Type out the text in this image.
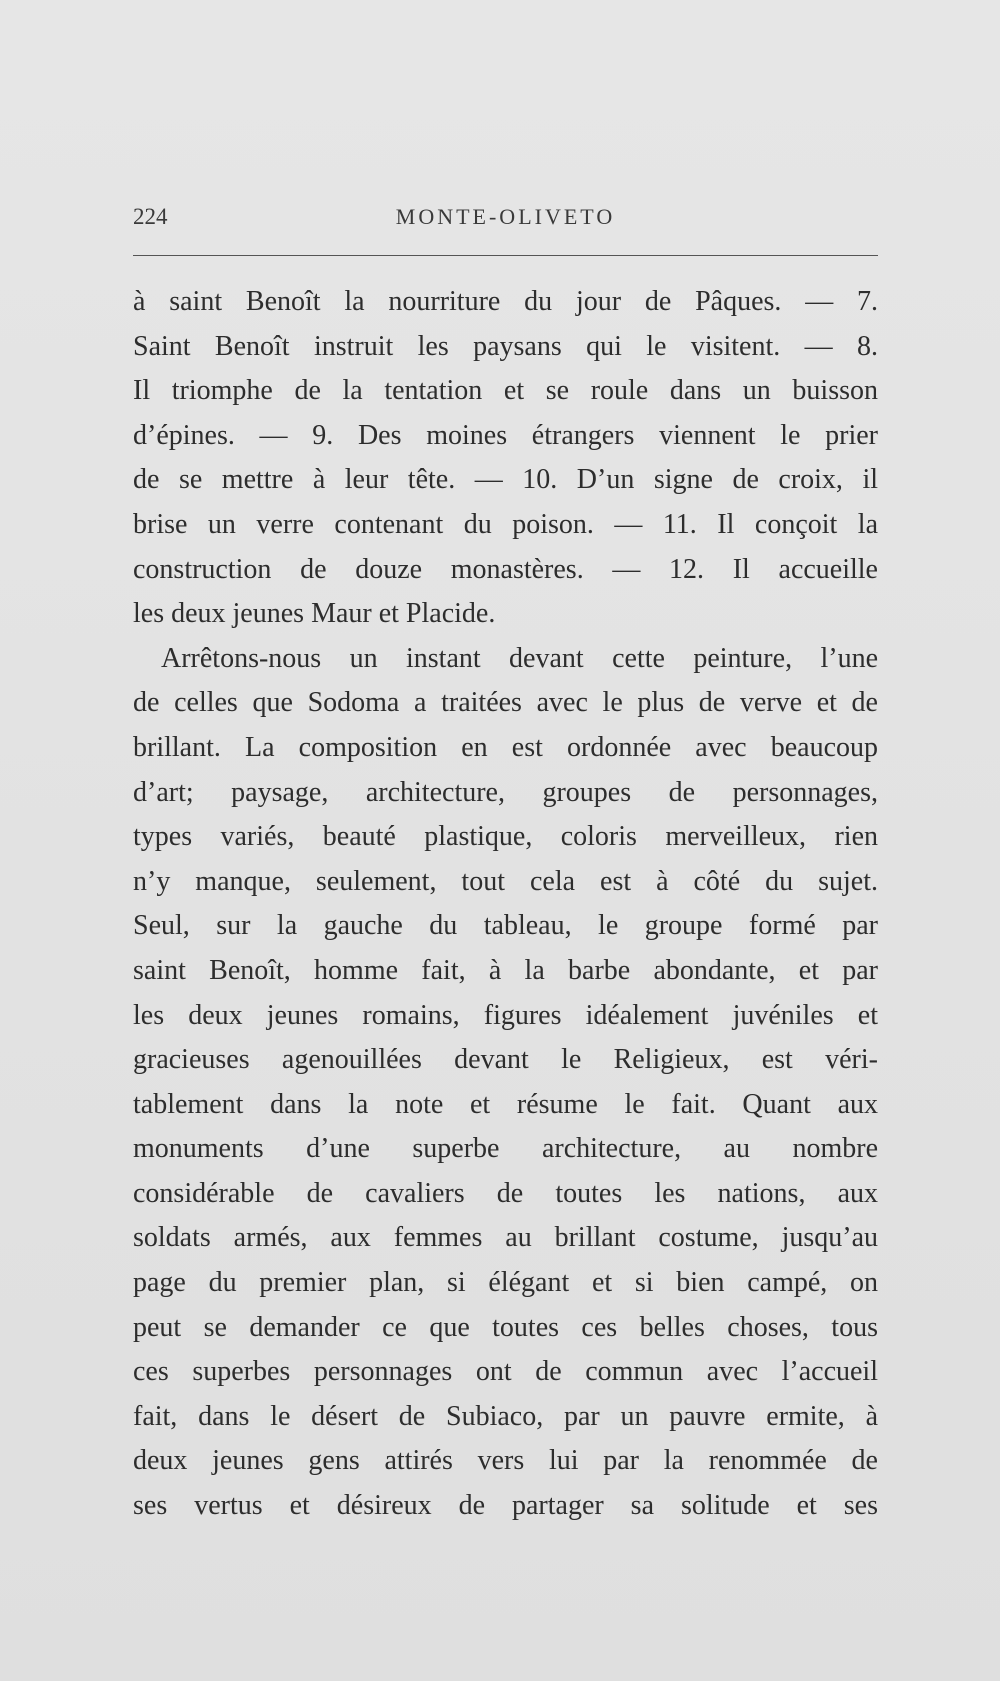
224	MONTE-OLIVETO
à saint Benoît la nourriture du jour de Pâques. — 7.
Saint Benoît instruit les paysans qui le visitent. — 8.
Il triomphe de la tentation et se roule dans un buisson
d’épines. — 9. Des moines étrangers viennent le prier
de se mettre à leur tête. — 10. D’un signe de croix, il
brise un verre contenant du poison. — 11. Il conçoit la
construction de douze monastères. — 12. Il accueille
les deux jeunes Maur et Placide.
Arrêtons-nous un instant devant cette peinture, l’une
de celles que Sodoma a traitées avec le plus de verve et de
brillant. La composition en est ordonnée avec beaucoup
d’art; paysage, architecture, groupes de personnages,
types variés, beauté plastique, coloris merveilleux, rien
n’y manque, seulement, tout cela est à côté du sujet.
Seul, sur la gauche du tableau, le groupe formé par
saint Benoît, homme fait, à la barbe abondante, et par
les deux jeunes romains, figures idéalement juvéniles et
gracieuses agenouillées devant le Religieux, est véri-
tablement dans la note et résume le fait. Quant aux
monuments d’une superbe architecture, au nombre
considérable de cavaliers de toutes les nations, aux
soldats armés, aux femmes au brillant costume, jusqu’au
page du premier plan, si élégant et si bien campé, on
peut se demander ce que toutes ces belles choses, tous
ces superbes personnages ont de commun avec l’accueil
fait, dans le désert de Subiaco, par un pauvre ermite, à
deux jeunes gens attirés vers lui par la renommée de
ses vertus et désireux de partager sa solitude et ses
